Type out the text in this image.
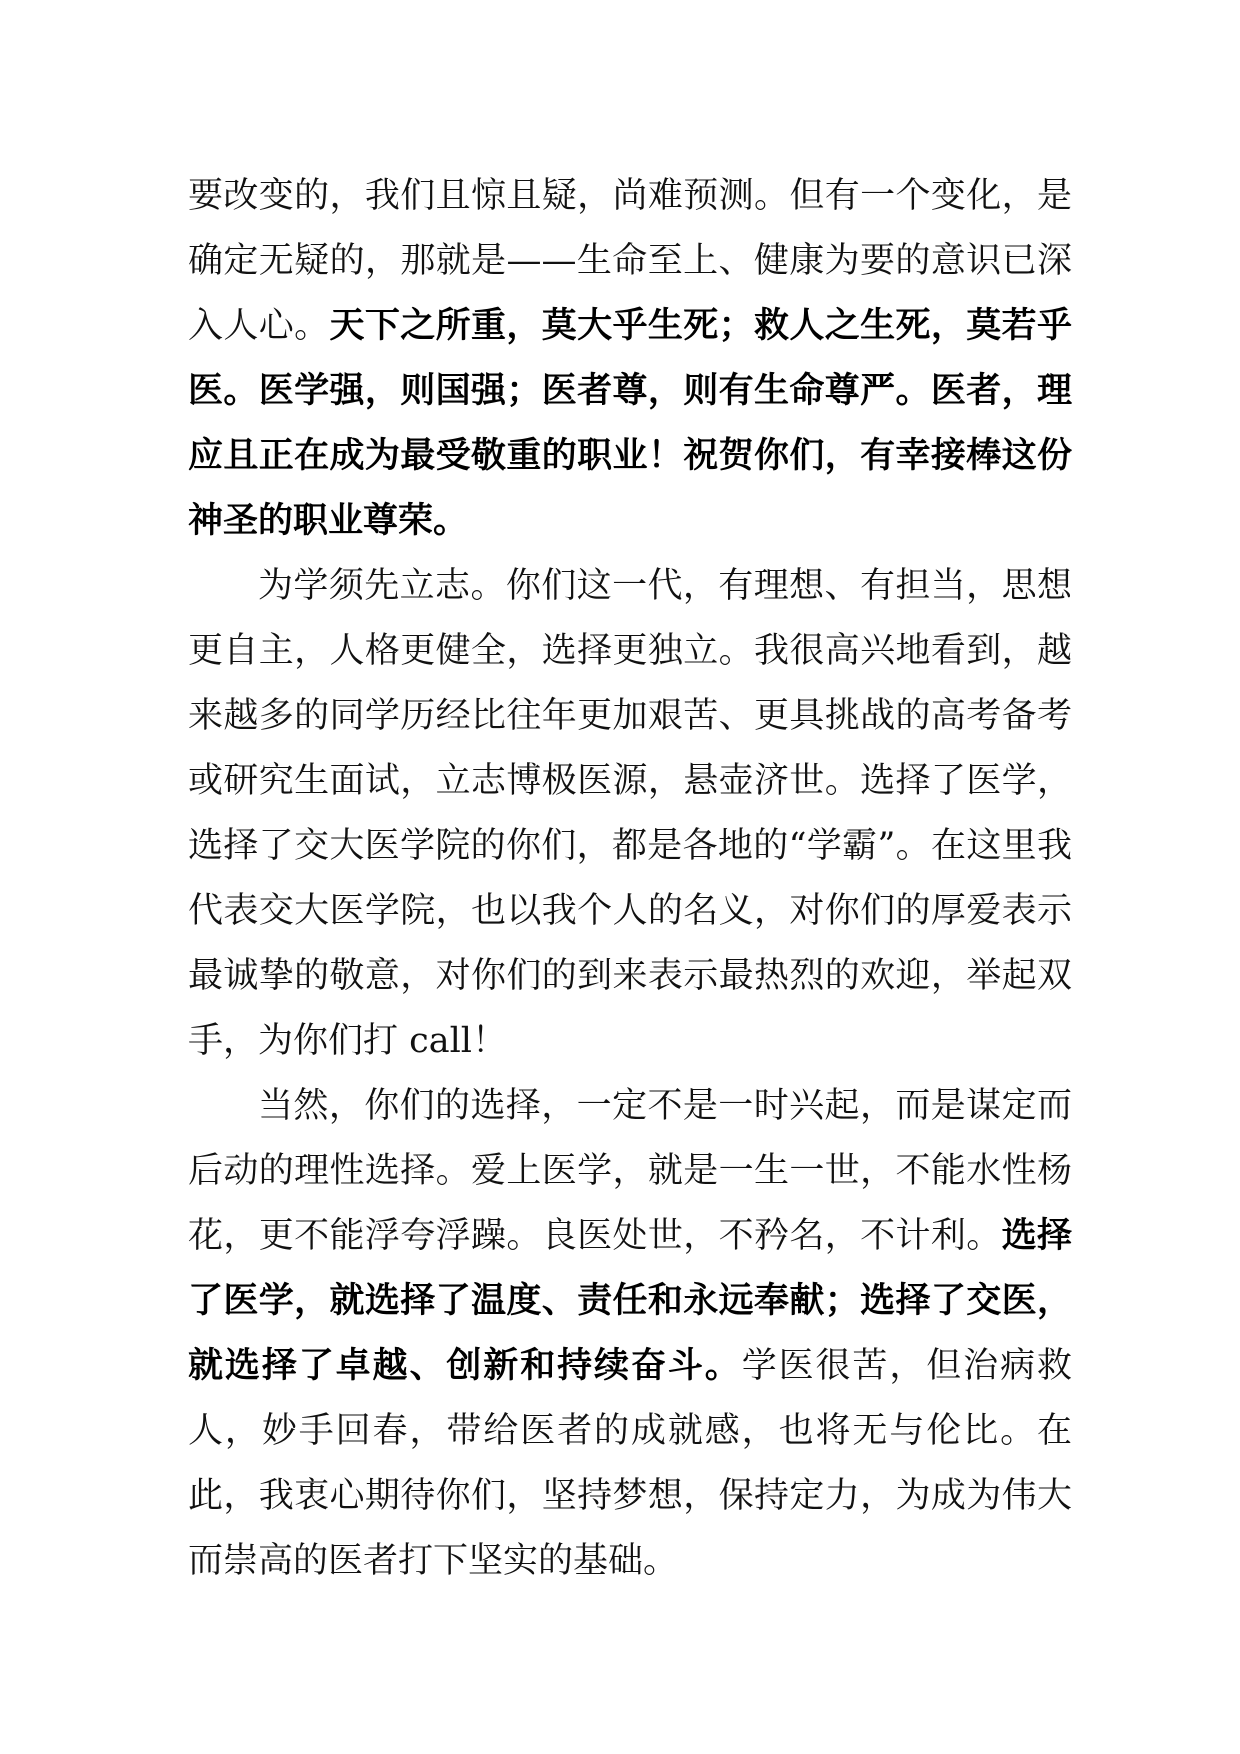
要改变的，我们且惊且疑，尚难预测。但有一个变化，是确定无疑的，那就是——生命至上、健康为要的意识已深入人心。天下之所重，莫大乎生死；救人之生死，莫若乎医。医学强，则国强；医者尊，则有生命尊严。医者，理应且正在成为最受敬重的职业！祝贺你们，有幸接棒这份神圣的职业尊荣。

为学须先立志。你们这一代，有理想、有担当，思想更自主，人格更健全，选择更独立。我很高兴地看到，越来越多的同学历经比往年更加艰苦、更具挑战的高考备考或研究生面试，立志博极医源，悬壶济世。选择了医学，选择了交大医学院的你们，都是各地的“学霸”。在这里我代表交大医学院，也以我个人的名义，对你们的厚爱表示最诚挚的敬意，对你们的到来表示最热烈的欢迎，举起双手，为你们打 call！

当然，你们的选择，一定不是一时兴起，而是谋定而后动的理性选择。爱上医学，就是一生一世，不能水性杨花，更不能浮夸浮躁。良医处世，不矜名，不计利。选择了医学，就选择了温度、责任和永远奉献；选择了交医，就选择了卓越、创新和持续奋斗。学医很苦，但治病救人，妙手回春，带给医者的成就感，也将无与伦比。在此，我衷心期待你们，坚持梦想，保持定力，为成为伟大而崇高的医者打下坚实的基础。
